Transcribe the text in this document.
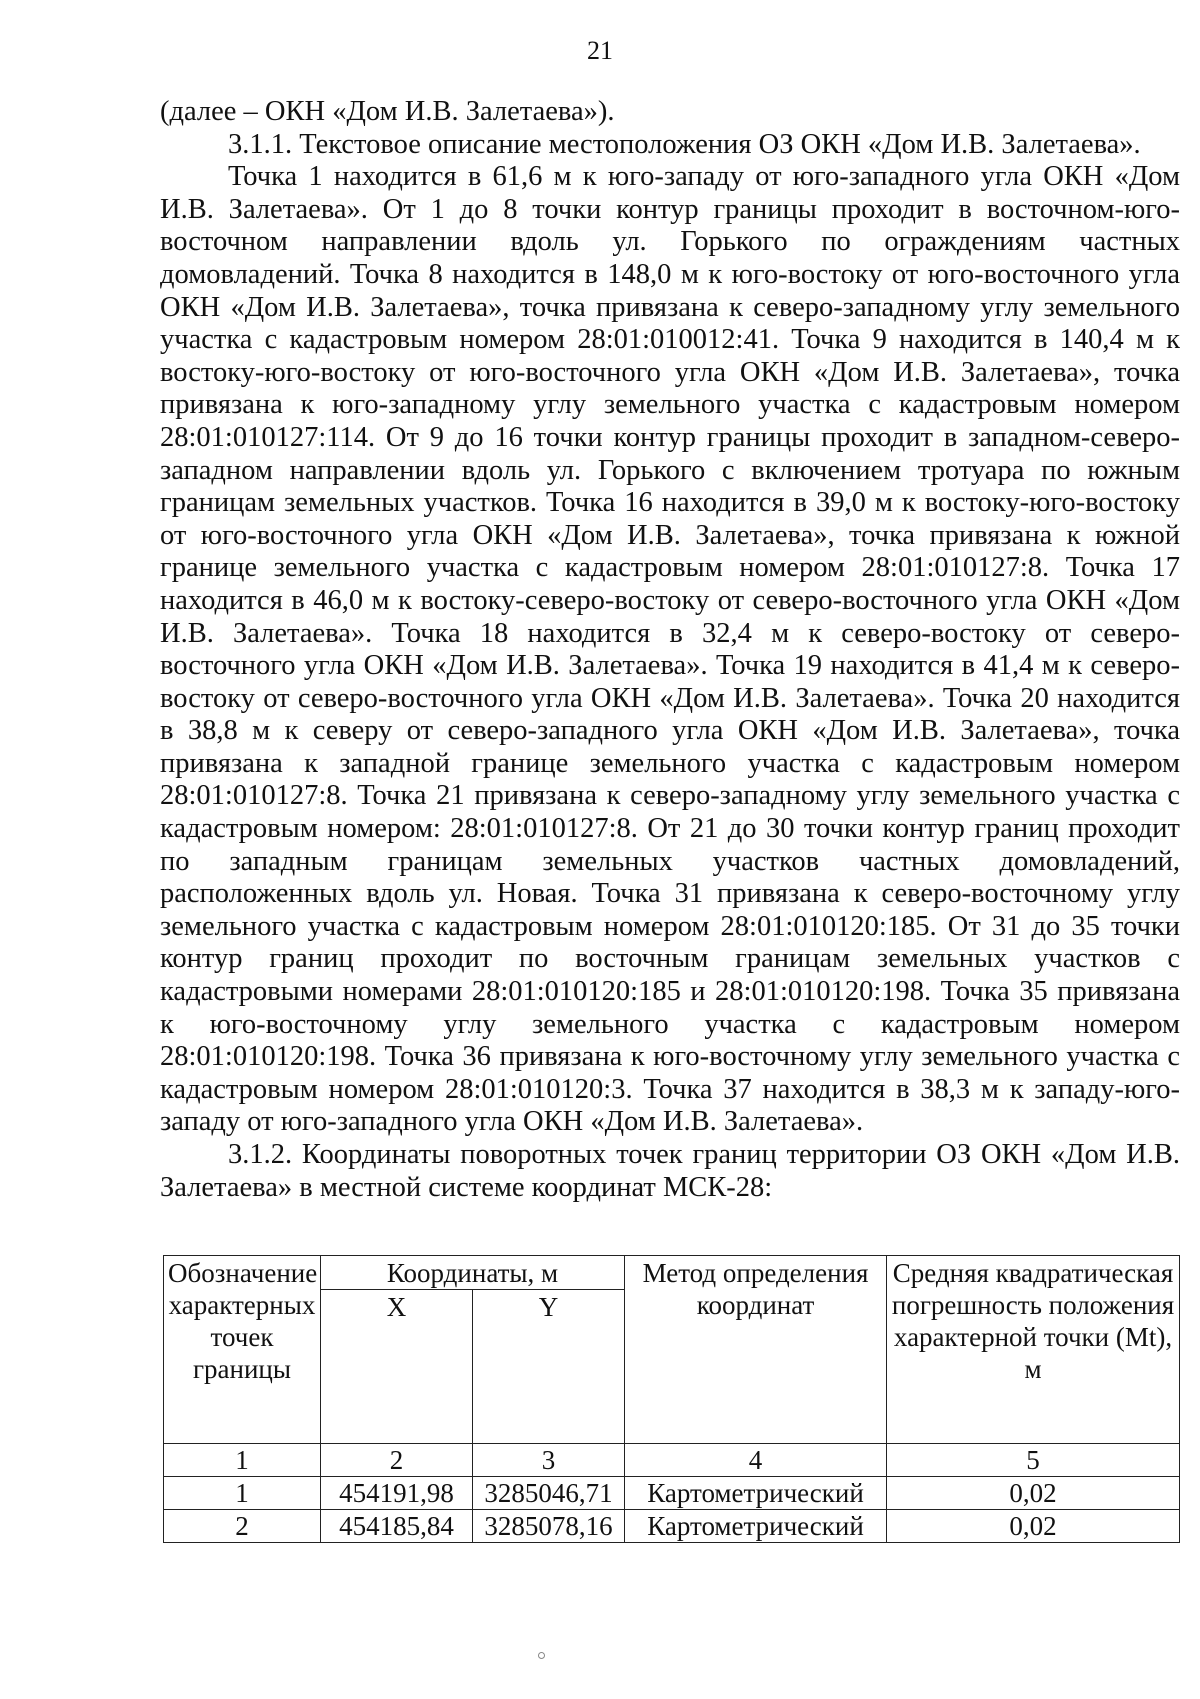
21

(далее – ОКН «Дом И.В. Залетаева»).

3.1.1. Текстовое описание местоположения ОЗ ОКН «Дом И.В. Залетаева».

Точка 1 находится в 61,6 м к юго-западу от юго-западного угла ОКН «Дом И.В. Залетаева». От 1 до 8 точки контур границы проходит в восточном-юго-восточном направлении вдоль ул. Горького по ограждениям частных домовладений. Точка 8 находится в 148,0 м к юго-востоку от юго-восточного угла ОКН «Дом И.В. Залетаева», точка привязана к северо-западному углу земельного участка с кадастровым номером 28:01:010012:41. Точка 9 находится в 140,4 м к востоку-юго-востоку от юго-восточного угла ОКН «Дом И.В. Залетаева», точка привязана к юго-западному углу земельного участка с кадастровым номером 28:01:010127:114. От 9 до 16 точки контур границы проходит в западном-северо-западном направлении вдоль ул. Горького с включением тротуара по южным границам земельных участков. Точка 16 находится в 39,0 м к востоку-юго-востоку от юго-восточного угла ОКН «Дом И.В. Залетаева», точка привязана к южной границе земельного участка с кадастровым номером 28:01:010127:8. Точка 17 находится в 46,0 м к востоку-северо-востоку от северо-восточного угла ОКН «Дом И.В. Залетаева». Точка 18 находится в 32,4 м к северо-востоку от северо-восточного угла ОКН «Дом И.В. Залетаева». Точка 19 находится в 41,4 м к северо-востоку от северо-восточного угла ОКН «Дом И.В. Залетаева». Точка 20 находится в 38,8 м к северу от северо-западного угла ОКН «Дом И.В. Залетаева», точка привязана к западной границе земельного участка с кадастровым номером 28:01:010127:8. Точка 21 привязана к северо-западному углу земельного участка с кадастровым номером: 28:01:010127:8. От 21 до 30 точки контур границ проходит по западным границам земельных участков частных домовладений, расположенных вдоль ул. Новая. Точка 31 привязана к северо-восточному углу земельного участка с кадастровым номером 28:01:010120:185. От 31 до 35 точки контур границ проходит по восточным границам земельных участков с кадастровыми номерами 28:01:010120:185 и 28:01:010120:198. Точка 35 привязана к юго-восточному углу земельного участка с кадастровым номером 28:01:010120:198. Точка 36 привязана к юго-восточному углу земельного участка с кадастровым номером 28:01:010120:3. Точка 37 находится в 38,3 м к западу-юго-западу от юго-западного угла ОКН «Дом И.В. Залетаева».

3.1.2. Координаты поворотных точек границ территории ОЗ ОКН «Дом И.В. Залетаева» в местной системе координат МСК-28:

Обозначение характерных точек границы	Координаты, м		Метод определения координат	Средняя квадратическая погрешность положения характерной точки (Mt), м
	X	Y		
1	2	3	4	5
1	454191,98	3285046,71	Картометрический	0,02
2	454185,84	3285078,16	Картометрический	0,02
